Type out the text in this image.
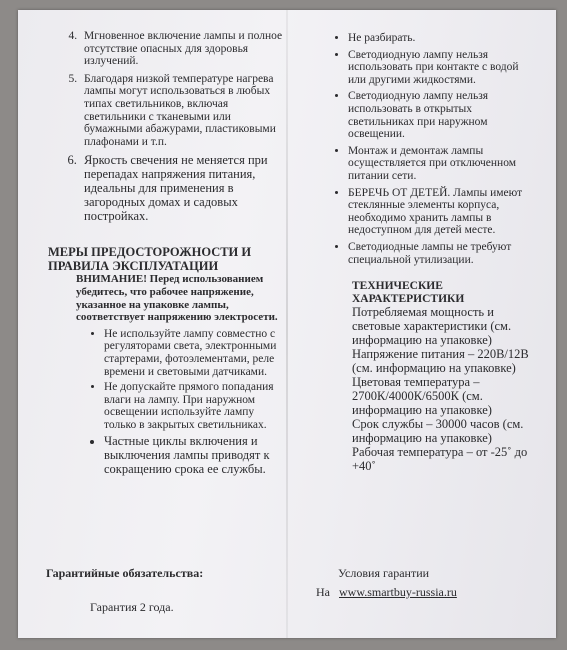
4. Мгновенное включение лампы и полное отсутствие опасных для здоровья излучений.
5. Благодаря низкой температуре нагрева лампы могут использоваться в любых типах светильников, включая светильники с тканевыми или бумажными абажурами, пластиковыми плафонами и т.п.
6. Яркость свечения не меняется при перепадах напряжения питания, идеальны для применения в загородных домах и садовых постройках.
МЕРЫ ПРЕДОСТОРОЖНОСТИ И ПРАВИЛА ЭКСПЛУАТАЦИИ
ВНИМАНИЕ! Перед использованием убедитесь, что рабочее напряжение, указанное на упаковке лампы, соответствует напряжению электросети.
• Не используйте лампу совместно с регуляторами света, электронными стартерами, фотоэлементами, реле времени и световыми датчиками.
• Не допускайте прямого попадания влаги на лампу. При наружном освещении используйте лампу только в закрытых светильниках.
• Частные циклы включения и выключения лампы приводят к сокращению срока ее службы.
• Не разбирать.
• Светодиодную лампу нельзя использовать при контакте с водой или другими жидкостями.
• Светодиодную лампу нельзя использовать в открытых светильниках при наружном освещении.
• Монтаж и демонтаж лампы осуществляется при отключенном питании сети.
• БЕРЕЧЬ ОТ ДЕТЕЙ. Лампы имеют стеклянные элементы корпуса, необходимо хранить лампы в недоступном для детей месте.
• Светодиодные лампы не требуют специальной утилизации.
ТЕХНИЧЕСКИЕ ХАРАКТЕРИСТИКИ

Потребляемая мощность и световые характеристики (см. информацию на упаковке)

Напряжение питания – 220В/12В (см. информацию на упаковке)

Цветовая температура – 2700К/4000К/6500К (см. информацию на упаковке)

Срок службы – 30000 часов (см. информацию на упаковке)

Рабочая температура – от -25˚ до +40˚

Гарантийные обязательства:
Гарантия 2 года.
Условия гарантии
На www.smartbuy-russia.ru
